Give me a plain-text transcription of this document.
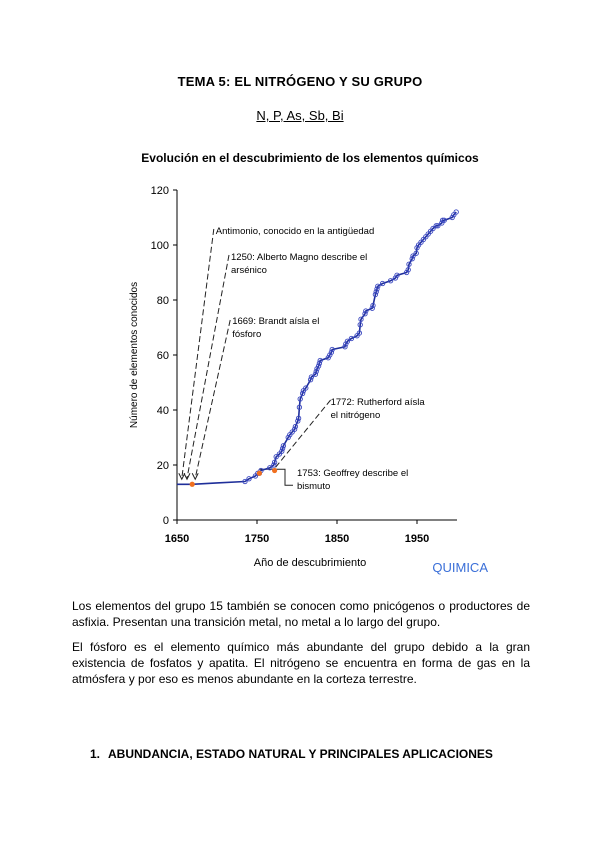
TEMA 5: EL NITRÓGENO Y SU GRUPO
N, P, As, Sb, Bi
Evolución en el descubrimiento de los elementos químicos
0
20
40
60
80
100
120
1650	1750	1850	1950
Año de descubrimiento
Número de elementos conocidos
QUIMICA
Antimonio, conocido en la antigüedad
1250: Alberto Magno describe el
arsénico
1669: Brandt aísla el
fósforo
1772: Rutherford aísla
el nitrógeno
1753: Geoffrey describe el
bismuto

Los elementos del grupo 15 también se conocen como pnicógenos o productores de asfixia. Presentan una transición metal, no metal a lo largo del grupo.

El fósforo es el elemento químico más abundante del grupo debido a la gran existencia de fosfatos y apatita. El nitrógeno se encuentra en forma de gas en la atmósfera y por eso es menos abundante en la corteza terrestre.

1. ABUNDANCIA, ESTADO NATURAL Y PRINCIPALES APLICACIONES
